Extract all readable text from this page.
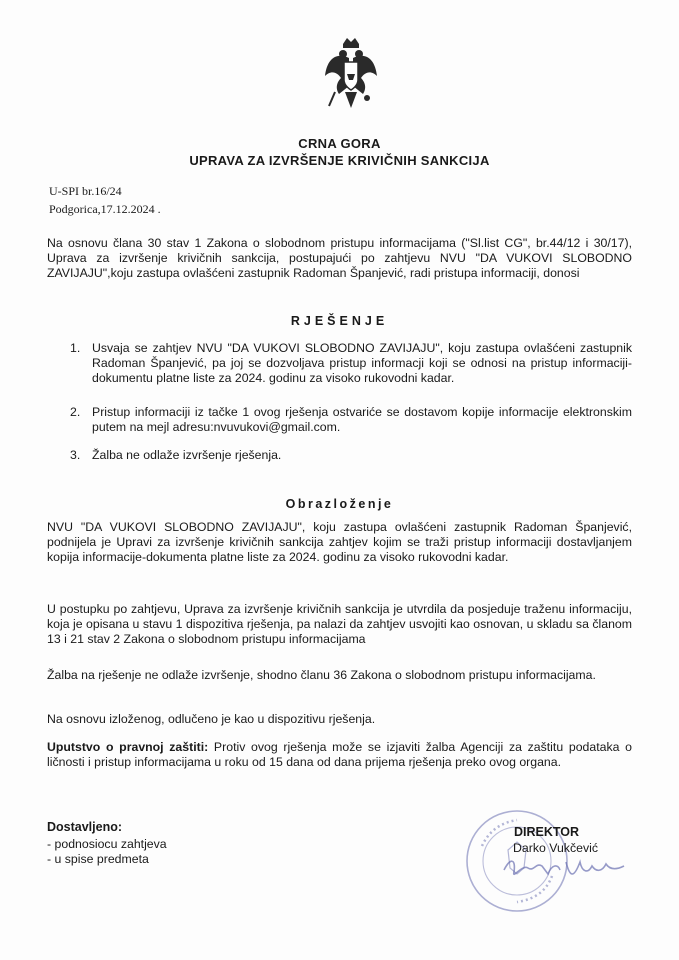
CRNA GORA
UPRAVA ZA IZVRŠENJE KRIVIČNIH SANKCIJA
U-SPI br.16/24
Podgorica,17.12.2024 .
Na osnovu člana 30 stav 1 Zakona o slobodnom pristupu informacijama ("Sl.list CG", br.44/12 i 30/17), Uprava za izvršenje krivičnih sankcija, postupajući po zahtjevu NVU "DA VUKOVI SLOBODNO ZAVIJAJU",koju zastupa ovlašćeni zastupnik Radoman Španjević, radi pristupa informaciji, donosi
RJEŠENJE
1. Usvaja se zahtjev NVU "DA VUKOVI SLOBODNO ZAVIJAJU", koju zastupa ovlašćeni zastupnik Radoman Španjević, pa joj se dozvoljava pristup informacji koji se odnosi na pristup informaciji-dokumentu platne liste za 2024. godinu za visoko rukovodni kadar.
2. Pristup informaciji iz tačke 1 ovog rješenja ostvariće se dostavom kopije informacije elektronskim putem na mejl adresu:nvuvukovi@gmail.com.
3. Žalba ne odlaže izvršenje rješenja.
Obrazloženje
NVU "DA VUKOVI SLOBODNO ZAVIJAJU", koju zastupa ovlašćeni zastupnik Radoman Španjević, podnijela je Upravi za izvršenje krivičnih sankcija zahtjev kojim se traži pristup informaciji dostavljanjem kopija informacije-dokumenta platne liste za 2024. godinu za visoko rukovodni kadar.
U postupku po zahtjevu, Uprava za izvršenje krivičnih sankcija je utvrdila da posjeduje traženu informaciju, koja je opisana u stavu 1 dispozitiva rješenja, pa nalazi da zahtjev usvojiti kao osnovan, u skladu sa članom 13 i 21 stav 2 Zakona o slobodnom pristupu informacijama
Žalba na rješenje ne odlaže izvršenje, shodno članu 36 Zakona o slobodnom pristupu informacijama.
Na osnovu izloženog, odlučeno je kao u dispozitivu rješenja.
Uputstvo o pravnoj zaštiti: Protiv ovog rješenja može se izjaviti žalba Agenciji za zaštitu podataka o ličnosti i pristup informacijama u roku od 15 dana od dana prijema rješenja preko ovog organa.
Dostavljeno:
- podnosiocu zahtjeva
- u spise predmeta
DIREKTOR
Darko Vukčević
